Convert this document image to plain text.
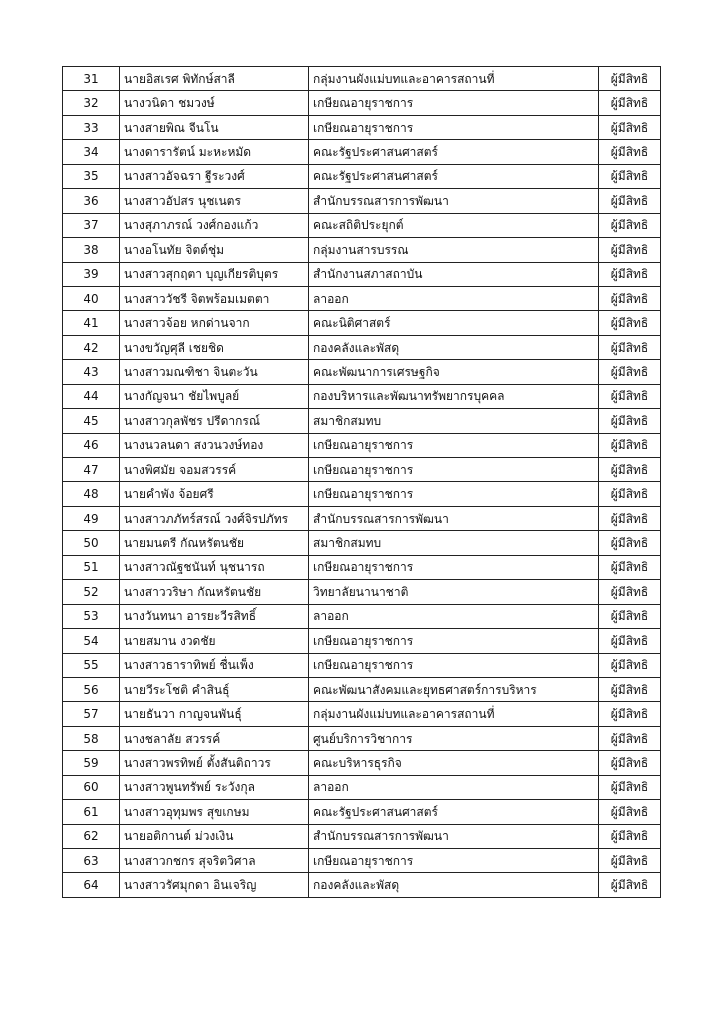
31	นายอิสเรศ พิทักษ์สาลี	กลุ่มงานผังแม่บทและอาคารสถานที่	ผู้มีสิทธิ
32	นางวนิดา ชมวงษ์	เกษียณอายุราชการ	ผู้มีสิทธิ
33	นางสายพิณ จีนโน	เกษียณอายุราชการ	ผู้มีสิทธิ
34	นางดารารัตน์ มะหะหมัด	คณะรัฐประศาสนศาสตร์	ผู้มีสิทธิ
35	นางสาวอัจฉรา ฐีระวงศ์	คณะรัฐประศาสนศาสตร์	ผู้มีสิทธิ
36	นางสาวอัปสร นุชเนตร	สำนักบรรณสารการพัฒนา	ผู้มีสิทธิ
37	นางสุภาภรณ์ วงศ์กองแก้ว	คณะสถิติประยุกต์	ผู้มีสิทธิ
38	นางอโนทัย จิตต์ชุ่ม	กลุ่มงานสารบรรณ	ผู้มีสิทธิ
39	นางสาวสุกฤตา บุญเกียรติบุตร	สำนักงานสภาสถาบัน	ผู้มีสิทธิ
40	นางสาววัชรี จิตพร้อมเมตตา	ลาออก	ผู้มีสิทธิ
41	นางสาวจ้อย หกด่านจาก	คณะนิติศาสตร์	ผู้มีสิทธิ
42	นางขวัญศุลี เชยชิด	กองคลังและพัสดุ	ผู้มีสิทธิ
43	นางสาวมณฑิชา จินตะวัน	คณะพัฒนาการเศรษฐกิจ	ผู้มีสิทธิ
44	นางกัญจนา ชัยไพบูลย์	กองบริหารและพัฒนาทรัพยากรบุคคล	ผู้มีสิทธิ
45	นางสาวกุลพัชร ปรีดากรณ์	สมาชิกสมทบ	ผู้มีสิทธิ
46	นางนวลนดา สงวนวงษ์ทอง	เกษียณอายุราชการ	ผู้มีสิทธิ
47	นางพิศมัย จอมสวรรค์	เกษียณอายุราชการ	ผู้มีสิทธิ
48	นายคำพัง จ้อยศรี	เกษียณอายุราชการ	ผู้มีสิทธิ
49	นางสาวภภัทร์สรณ์ วงศ์จิรปภัทร	สำนักบรรณสารการพัฒนา	ผู้มีสิทธิ
50	นายมนตรี กัณหรัตนชัย	สมาชิกสมทบ	ผู้มีสิทธิ
51	นางสาวณัฐชนันท์ นุชนารถ	เกษียณอายุราชการ	ผู้มีสิทธิ
52	นางสาววริษา กัณหรัตนชัย	วิทยาลัยนานาชาติ	ผู้มีสิทธิ
53	นางวันทนา อารยะวีรสิทธิ์	ลาออก	ผู้มีสิทธิ
54	นายสมาน งวดชัย	เกษียณอายุราชการ	ผู้มีสิทธิ
55	นางสาวธาราทิพย์ ชื่นเพ็ง	เกษียณอายุราชการ	ผู้มีสิทธิ
56	นายวีระโชติ คำสินธุ์	คณะพัฒนาสังคมและยุทธศาสตร์การบริหาร	ผู้มีสิทธิ
57	นายธันวา กาญจนพันธุ์	กลุ่มงานผังแม่บทและอาคารสถานที่	ผู้มีสิทธิ
58	นางชลาลัย สวรรค์	ศูนย์บริการวิชาการ	ผู้มีสิทธิ
59	นางสาวพรทิพย์ ตั้งสันติถาวร	คณะบริหารธุรกิจ	ผู้มีสิทธิ
60	นางสาวพูนทรัพย์ ระวังกุล	ลาออก	ผู้มีสิทธิ
61	นางสาวอุทุมพร สุขเกษม	คณะรัฐประศาสนศาสตร์	ผู้มีสิทธิ
62	นายอติกานต์ ม่วงเงิน	สำนักบรรณสารการพัฒนา	ผู้มีสิทธิ
63	นางสาวกชกร สุจริตวิศาล	เกษียณอายุราชการ	ผู้มีสิทธิ
64	นางสาวรัศมุกดา อินเจริญ	กองคลังและพัสดุ	ผู้มีสิทธิ
